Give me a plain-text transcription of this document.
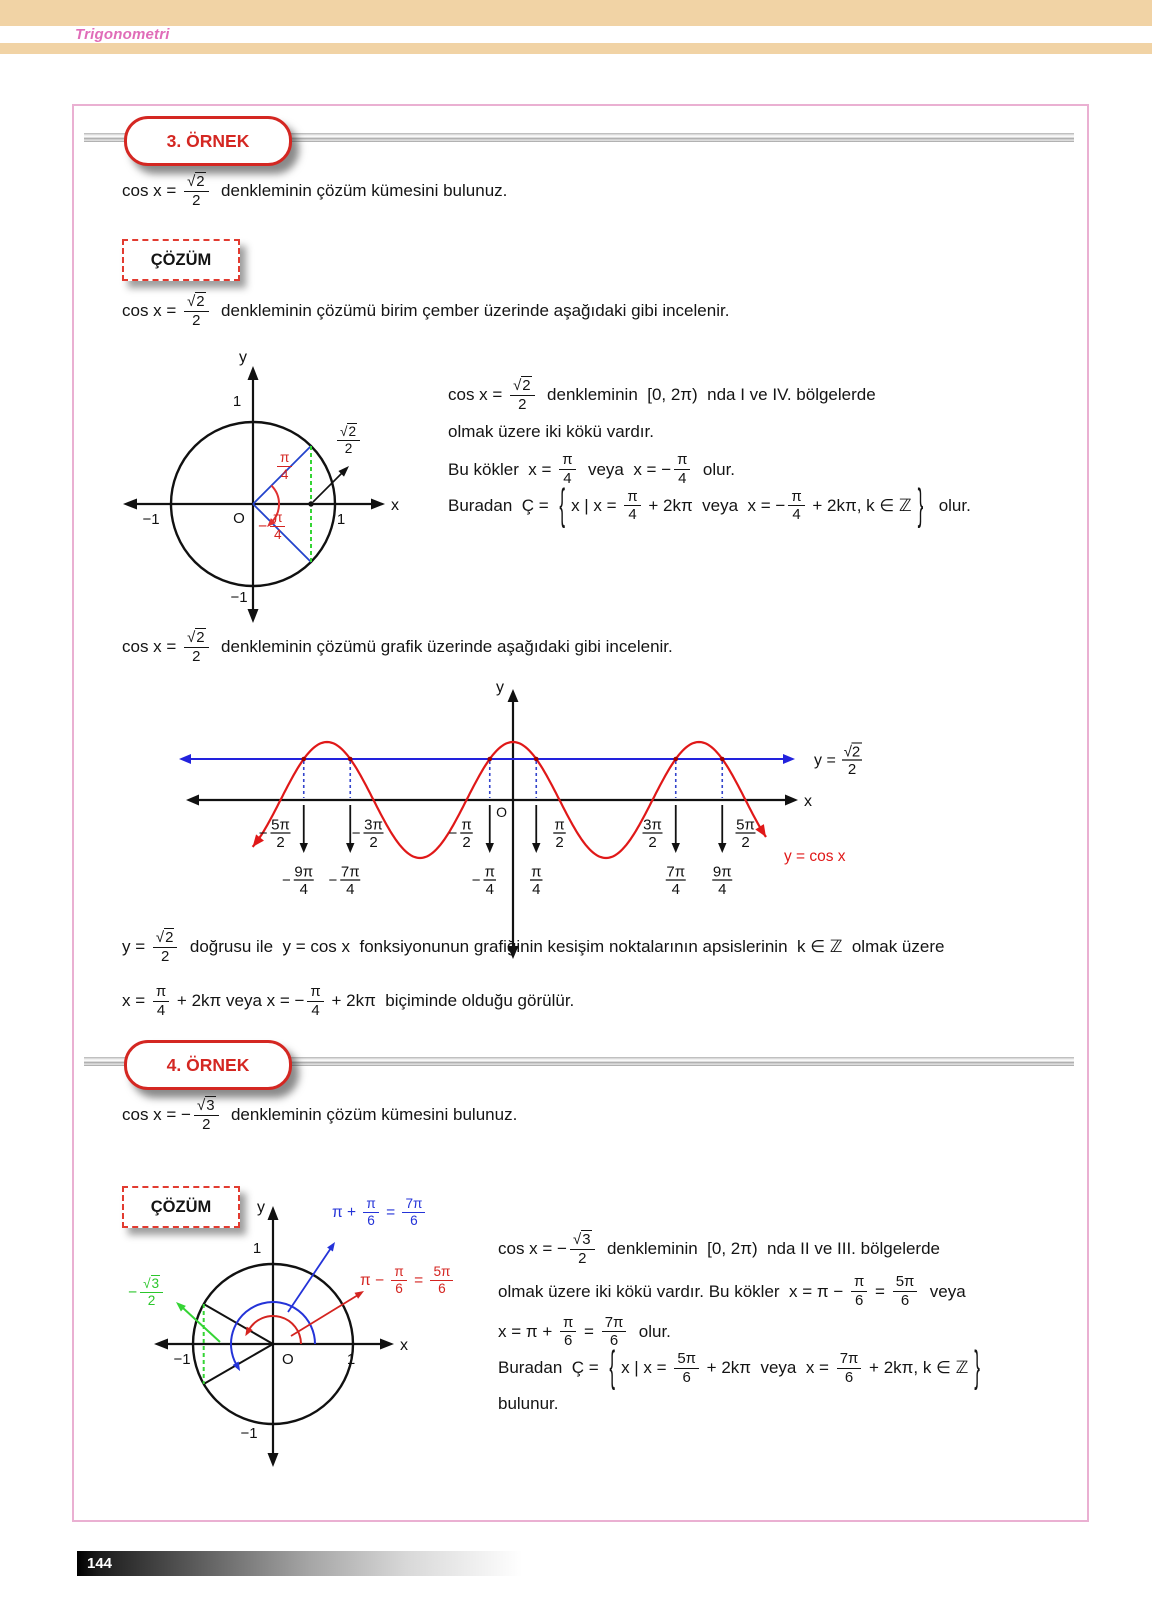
Trigonometri
3. ÖRNEK
$\cos x = \frac{√2}{2}$ denkleminin çözüm kümesini bulunuz.
ÇÖZÜM
$\cos x = \frac{√2}{2}$ denkleminin çözümü birim çember üzerinde aşağıdaki gibi incelenir.
y
x
O
1
−1	1
−1
$\frac{\pi}{4}$
− $\frac{\pi}{4}$
$\frac{√2}{2}$
$\cos x = \frac{√2}{2}$ denkleminin  [0, 2π)  nda I ve IV. bölgelerde
olmak üzere iki kökü vardır.
Bu kökler  $x = \frac{\pi}{4}$ veya  x = − $\frac{\pi}{4}$ olur.
Buradan  Ç = { x | $x = \frac{\pi}{4} + 2k\pi$  veya  x = − $\frac{\pi}{4} + 2k\pi$, k ∈ ℤ } olur.
$\cos x = \frac{√2}{2}$ denkleminin çözümü grafik üzerinde aşağıdaki gibi incelenir.
x
y
O
y = √2
2
y = cos x
5π
2
−	3π
2
−	π
2
−	π
2
3π
2
5π
2
9π
4
−	7π
4
−	π
4
−	π
4
7π
4
9π
4
$y = \frac{√2}{2}$ doğrusu ile  y = cos x  fonksiyonunun grafiğinin kesişim noktalarının apsislerinin  k ∈ ℤ  olmak üzere
$x = \frac{\pi}{4} + 2k\pi$ veya x = − $\frac{\pi}{4} + 2k\pi$  biçiminde olduğu görülür.
4. ÖRNEK
cos x = − $\frac{√3}{2}$ denkleminin çözüm kümesini bulunuz.
ÇÖZÜM	y
x
O
1
−1	1
−1
$\pi + \frac{\pi}{6} = \frac{7\pi}{6}$
$\pi - \frac{\pi}{6} = \frac{5\pi}{6}$
− $\frac{√3}{2}$
cos x = − $\frac{√3}{2}$ denkleminin  [0, 2π)  nda II ve III. bölgelerde
olmak üzere iki kökü vardır. Bu kökler  $x = \pi - \frac{\pi}{6} = \frac{5\pi}{6}$ veya
$x = \pi + \frac{\pi}{6} = \frac{7\pi}{6}$ olur.
Buradan  Ç = { x | $x = \frac{5\pi}{6} + 2k\pi$  veya  $x = \frac{7\pi}{6} + 2k\pi$, k ∈ ℤ }
bulunur.
144
